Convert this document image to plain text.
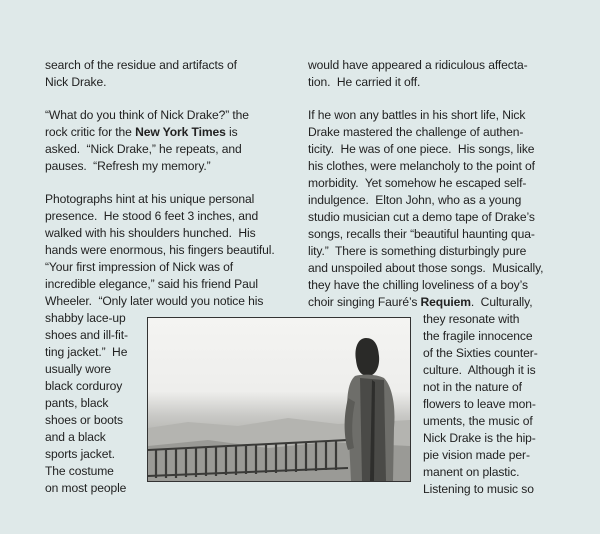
search of the residue and artifacts of
Nick Drake.
“What do you think of Nick Drake?” the
rock critic for the New York Times is
asked.  “Nick Drake,” he repeats, and
pauses.  “Refresh my memory.”
Photographs hint at his unique personal
presence.  He stood 6 feet 3 inches, and
walked with his shoulders hunched.  His
hands were enormous, his fingers beautiful.
“Your first impression of Nick was of
incredible elegance,” said his friend Paul
Wheeler.  “Only later would you notice his
shabby lace-up
shoes and ill-fit-
ting jacket.”  He
usually wore
black corduroy
pants, black
shoes or boots
and a black
sports jacket.
The costume
on most people
would have appeared a ridiculous affecta-
tion.  He carried it off.
If he won any battles in his short life, Nick
Drake mastered the challenge of authen-
ticity.  He was of one piece.  His songs, like
his clothes, were melancholy to the point of
morbidity.  Yet somehow he escaped self-
indulgence.  Elton John, who as a young
studio musician cut a demo tape of Drake’s
songs, recalls their “beautiful haunting qua-
lity.”  There is something disturbingly pure
and unspoiled about those songs.  Musically,
they have the chilling loveliness of a boy’s
choir singing Fauré’s Requiem.  Culturally,
they resonate with
the fragile innocence
of the Sixties counter-
culture.  Although it is
not in the nature of
flowers to leave mon-
uments, the music of
Nick Drake is the hip-
pie vision made per-
manent on plastic.
Listening to music so
